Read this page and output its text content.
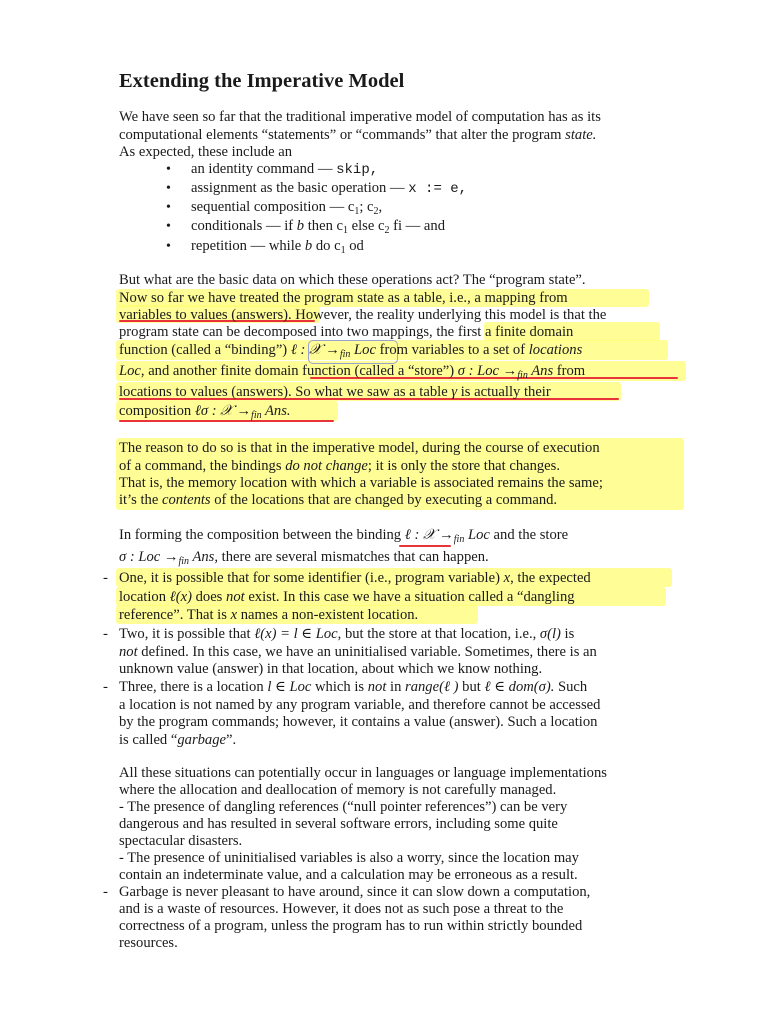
Extending the Imperative Model
We have seen so far that the traditional imperative model of computation has as its
computational elements “statements” or “commands” that alter the program state.
As expected, these include an
• an identity command — skip,
• assignment as the basic operation — x := e,
• sequential composition — $c_1$; $c_2$,
• conditionals — if b then $c_1$ else $c_2$ fi — and
• repetition — while b do $c_1$ od
But what are the basic data on which these operations act? The “program state”.
Now so far we have treated the program state as a table, i.e., a mapping from
variables to values (answers). However, the reality underlying this model is that the
program state can be decomposed into two mappings, the first a finite domain
function (called a “binding”) ℓ : 𝒳 $\to_{fin}$ Loc from variables to a set of locations
Loc, and another finite domain function (called a “store”) σ : Loc $\to_{fin}$ Ans from
locations to values (answers). So what we saw as a table γ is actually their
composition ℓσ : 𝒳 $\to_{fin}$ Ans.
The reason to do so is that in the imperative model, during the course of execution
of a command, the bindings do not change; it is only the store that changes.
That is, the memory location with which a variable is associated remains the same;
it’s the contents of the locations that are changed by executing a command.
In forming the composition between the binding ℓ : 𝒳 $\to_{fin}$ Loc and the store
σ : Loc $\to_{fin}$ Ans, there are several mismatches that can happen.
- One, it is possible that for some identifier (i.e., program variable) x, the expected
location ℓ(x) does not exist. In this case we have a situation called a “dangling
reference”. That is x names a non-existent location.
- Two, it is possible that ℓ(x) = l ∈ Loc, but the store at that location, i.e., σ(l) is
not defined. In this case, we have an uninitialised variable. Sometimes, there is an
unknown value (answer) in that location, about which we know nothing.
- Three, there is a location l ∈ Loc which is not in range(ℓ ) but ℓ ∈ dom(σ). Such
a location is not named by any program variable, and therefore cannot be accessed
by the program commands; however, it contains a value (answer). Such a location
is called “garbage”.
All these situations can potentially occur in languages or language implementations
where the allocation and deallocation of memory is not carefully managed.
- The presence of dangling references (“null pointer references”) can be very
dangerous and has resulted in several software errors, including some quite
spectacular disasters.
- The presence of uninitialised variables is also a worry, since the location may
contain an indeterminate value, and a calculation may be erroneous as a result.
- Garbage is never pleasant to have around, since it can slow down a computation,
and is a waste of resources. However, it does not as such pose a threat to the
correctness of a program, unless the program has to run within strictly bounded
resources.
